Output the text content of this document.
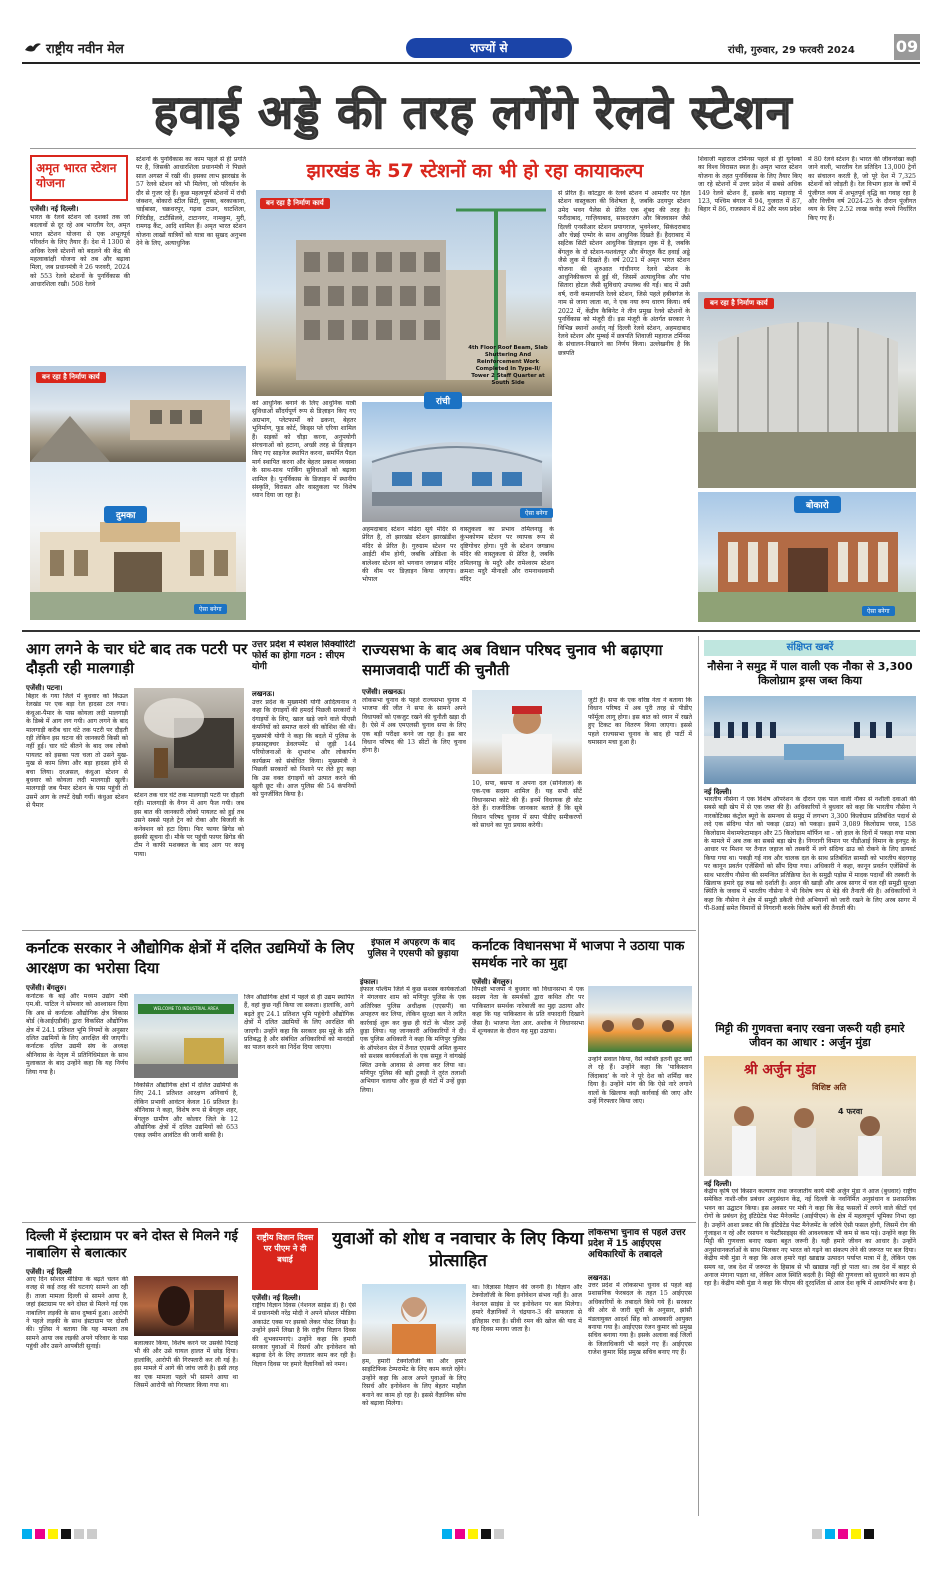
राष्ट्रीय नवीन मेल	राज्यों से	रांची, गुरुवार, 29 फरवरी 2024	09
हवाई अड्डे की तरह लगेंगे रेलवे स्टेशन
अमृत भारत स्टेशन योजना
एजेंसी। नई दिल्ली।
भारत के रेलवे स्टेशन जो दशकों तक जो बदलावों से दूर रहे अब भारतीय रेल, अमृत भारत स्टेशन योजना से एक अभूतपूर्व परिवर्तन के लिए तैयार हैं। देश में 1300 से अधिक रेलवे स्टेशनों को बदलने की केंद्र की महत्वाकांक्षी योजना को तब और बढ़ावा मिला, जब प्रधानमंत्री ने 26 फरवरी, 2024 को 553 रेलवे स्टेशनों के पुनर्विकास की आधारशिला रखी। 508 रेलवे
स्टेशनों के पुनर्विकास का काम पहले से ही प्रगति पर है, जिसकी आधारशिला प्रधानमंत्री ने पिछले साल अगस्त में रखी थी। इसका लाभ झारखंड के 57 रेलवे स्टेशन को भी मिलेगा, जो परिवर्तन के दौर से गुजर रहे हैं। कुछ महत्वपूर्ण स्टेशनों में रांची जंक्शन, बोकारो स्टील सिटी, दुमका, बरकाकाना, चाईबासा, चक्रधरपुर, गढ़वा टाउन, घाटशिला, गिरिडीह, टाटीसिलवे, टाटानगर, नामकुम, मुरी, रामगढ़ कैंट, आदि शामिल हैं। अमृत भारत स्टेशन योजना लाखों यात्रियों को यात्रा का सुखद अनुभव देने के लिए, अत्याधुनिक
झारखंड के 57 स्टेशनों का भी हो रहा कायाकल्प
बन रहा है निर्माण कार्य
4th Floor Roof Beam, Slab Shuttering And Reinforcement Work Completed In Type-II/ Tower 2 Staff Quarter at South Side
बन रहा है निर्माण कार्य
दुमका
ऐसा बनेगा
को आधुनिक बनाने के लिए आधुनिक यात्री सुविधाओं सौंदर्यपूर्ण रूप से डिज़ाइन किए गए अग्रभाग, प्लेटफार्मों को ढकना, बेहतर भूनिर्माण, फूड कोर्ट, किड्स प्ले एरिया शामिल हैं। सड़कों को चौड़ा करना, अनुपयोगी संरचनाओं को हटाना, अच्छी तरह से डिज़ाइन किए गए साइनेज स्थापित करना, समर्पित पैदल मार्ग स्थापित करना और बेहतर प्रकाश व्यवस्था के साथ-साथ पार्किंग सुविधाओं को बढ़ावा शामिल है। पुनर्विकास के डिजाइन में स्थानीय संस्कृति, विरासत और वास्तुकला पर विशेष ध्यान दिया जा रहा है।
रांची
ऐसा बनेगा
अहमदाबाद स्टेशन मोढेरा सूर्य मंदिर से प्रेरित है, तो झारखंड स्टेशन झारखंडीश मंदिर से प्रेरित है। गुरुग्राम स्टेशन पर आईटी थीम होगी, जबकि ओडिशा के बालेश्वर स्टेशन को भगवान जगन्नाथ मंदिर की थीम पर डिज़ाइन किया जाएगा। भोपाल
वास्तुकला का प्रभाव तमिलनाडु के कुंभकोणम स्टेशन पर व्यापक रूप से दृष्टिगोचर होगा। पुरी के स्टेशन जगन्नाथ मंदिर की वास्तुकला से प्रेरित है, जबकि तमिलनाडु के मदुरै और रामेश्वरम स्टेशन क्रमशः मदुरै मीनाक्षी और रामनाथस्वामी मंदिर
से प्रेरित हैं। कोटद्वार के रेलवे स्टेशन में आमतौर पर हिल स्टेशन वास्तुकला की विशेषता है, जबकि उदयपुर स्टेशन उमेद भवन पैलेस से प्रेरित एक शुंबद की तरह है। फरीदाबाद, गाज़ियाबाद, सफ़दरजंग और बिजवासन जैसे दिल्ली एनसीआर स्टेशन प्रयागराज, भुवनेश्वर, सिकंदराबाद और चेन्नई एग्मोर के साथ आधुनिक दिखते हैं। हैदराबाद में सईंटेक सिटी स्टेशन आधुनिक डिज़ाइन लुक में है, जबकि बेंगलुरु के दो स्टेशन-यशवंतपुर और बेंगलुरु कैंट हवाई अड्डे जैसे लुक में दिखते हैं। वर्ष 2021 में अमृत भारत स्टेशन योजना की शुरुआत गांधीनगर रेलवे स्टेशन के आधुनिकीकरण से हुई थी, जिसमें अत्याधुनिक और पांच सितारा होटल जैसी सुविधाएं उपलब्ध की गईं। बाद में उसी वर्ष, रानी कमलापति रेलवे स्टेशन, जिसे पहले हबीबगंज के नाम से जाना जाता था, ने एक नया रूप धारण किया। वर्ष 2022 में, केंद्रीय कैबिनेट ने तीन प्रमुख रेलवे स्टेशनों के पुनर्विकास को मंजूरी दी। इस मंजूरी के अंतर्गत सरकार ने विभिन्न स्थानों अर्थात् नई दिल्ली रेलवे स्टेशन, अहमदाबाद रेलवे स्टेशन और मुम्बई में छत्रपति शिवाजी महाराज टर्मिनस के संचालन-निखारने का निर्णय किया। उल्लेखनीय है कि छत्रपति
शिवाजी महाराज टर्मिनस पहले से ही यूनेस्को का विश्व विरासत स्थल है। अमृत भारत स्टेशन योजना के तहत पुनर्विकास के लिए तैयार किए जा रहे स्टेशनों में उत्तर प्रदेश में सबसे अधिक 149 रेलवे स्टेशन हैं, इसके बाद महाराष्ट्र में 123, पश्चिम बंगाल में 94, गुजरात में 87, बिहार में 86, राजस्थान में 82 और मध्य प्रदेश
में 80 रेलवे स्टेशन हैं। भारत की जीवनरेखा कही जाने वाली, भारतीय रेल प्रतिदिन 13,000 ट्रेनों का संचालन करती है, जो पूरे देश में 7,325 स्टेशनों को जोड़ती है। रेल विभाग हाल के वर्षों में पूंजीगत व्यय में अभूतपूर्व वृद्धि का गवाह रहा है और वित्तीय वर्ष 2024-25 के दौरान पूंजीगत व्यय के लिए 2.52 लाख करोड़ रुपये निर्धारित किए गए हैं।
बन रहा है निर्माण कार्य
बोकारो
ऐसा बनेगा
आग लगने के चार घंटे बाद तक पटरी पर दौड़ती रही मालगाड़ी
एजेंसी। पटना।
बिहार के गया जिले में बुधवार को किऊल रेलखंड पर एक बड़ा रेल हादसा टल गया। कंधुआ-पैमार के पास कोयला लदी मालगाड़ी के डिब्बे में आग लग गयी। आग लगने के बाद मालगाड़ी करीब चार घंटे तक पटरी पर दौड़ती रही लेकिन इस घटना की जानकारी किसी को नहीं हुई। चार घंटे बीतने के बाद जब लोको पायलट को इसका पता चला तो उसने मुख-मुख से काम लिया और बड़ा हादसा होने से बचा लिया। दरअसल, कंधुआ स्टेशन से बुधवार को कोयला लदी मालगाड़ी खुली। मालगाड़ी जब पैमार स्टेशन के पास पहुंची तो उसमें आग के लपटें देखी गयीं। कंधुआ स्टेशन से पैमार
स्टेशन तक चार घंटे तक मालगाड़ी पटरी पर दौड़ती रही। मालगाड़ी के वैगन में आग फैल गयी। जब इस बात की जानकारी लोको पायलट को हुई तब उसने सबसे पहले ट्रेन को रोका और बिजली के कनेक्शन को हटा दिया। फिर फायर ब्रिगेड को इसकी सूचना दी। मौके पर पहुंची फायर ब्रिगेड की टीम ने काफी मशक्कत के बाद आग पर काबू पाया।
उत्तर प्रदेश में स्पेशल सिक्योरिटी फोर्स का होगा गठन : सीएम योगी
लखनऊ।
उत्तर प्रदेश के मुख्यमंत्री योगी आदित्यनाथ ने कहा कि दंगाइयों की हमदर्द पिछली सरकारों ने दंगाइयों के लिए, खाल खड़े जाने वाले पीएसी कंपनियों को समाप्त करने की कोशिश की थी। मुख्यमंत्री योगी ने कहा कि बदले में पुलिस के इन्फ्रास्ट्रक्चर डेवलपमेंट से जुड़ी 144 परियोजनाओं के शुभारंभ और लोकार्पण कार्यक्रम को संबोधित किया। मुख्यमंत्री ने पिछली सरकारों को निशाने पर लेते हुए कहा कि उस वक्त दंगाइयों को उत्पात करने की खुली छूट थी। आज पुलिस की 54 कंपनियों को पुनर्जीवित किया है।
राज्यसभा के बाद अब विधान परिषद चुनाव भी बढ़ाएगा समाजवादी पार्टी की चुनौती
एजेंसी। लखनऊ।
लोकसभा चुनाव के पहले राज्यसभा चुनाव में भाजपा की जीत ने सपा के सामने अपने विधायकों को एकजुट रखने की चुनौती खड़ा दी है। ऐसे में अब एमएलसी चुनाव सपा के लिए एक बड़ी परीक्षा बनने जा रहा है। इस बार विधान परिषद की 13 सीटों के लिए चुनाव होना है।
10, सपा, बसपा व अपना दल (सोनेलाल) के एक-एक सदस्य शामिल हैं। यह सभी सीटें विधानसभा कोटे की हैं। इनमें विधायक ही वोट देते हैं। राजनीतिक जानकार बताते हैं कि सूबे विधान परिषद चुनाव में सपा पीडीए समीकरणों को साधने का पूरा प्रयास करेगी।
जुटी है। सपा के एक वरिष्ठ नेता ने बताया कि विधान परिषद में अब पूरी तरह से पीडीए फॉर्मूला लागू होगा। इस बात को ध्यान में रखते हुए टिकट का वितरण किया जाएगा। इससे पहले राज्यसभा चुनाव के बाद ही पार्टी में घमासान मचा हुआ है।
संक्षिप्त खबरें
नौसेना ने समुद्र में पाल वाली एक नौका से 3,300 किलोग्राम ड्रग्स जब्त किया
नई दिल्ली।
भारतीय नौसेना ने एक विशेष ऑपरेशन के दौरान एक पाल वाली नौका से नशीली दवाओं की सबसे बड़ी खेप में से एक जब्त की है। अधिकारियों ने बुधवार को कहा कि भारतीय नौसेना ने नारकोटिक्स कंट्रोल ब्यूरो के समन्वय से समुद्र में लगभग 3,300 किलोग्राम प्रतिबंधित पदार्थ से लदे एक संदिग्ध पोत को पकड़ा (ढाउ) को पकड़ा। इसमें 3,089 किलोग्राम चरस, 158 किलोग्राम मेथामफेटामाइन और 25 किलोग्राम मॉर्फिन था - जो हाल के दिनों में पकड़ा गया मात्रा के मामले में अब तक का सबसे बड़ा खेप है। निगरानी विमान पर पीडीआई विमान के इनपुट के आधार पर मिशन पर तैनात जहाज को तस्करी में लगे संदिग्ध ढाउ को रोकने के लिए डायवर्ट किया गया था। पकड़ी गई नाव और चालक दल के साथ प्रतिबंधित सामग्री को भारतीय बंदरगाह पर कानून प्रवर्तन एजेंसियों को सौंप दिया गया। अधिकारी ने कहा, कानून प्रवर्तन एजेंसियों के साथ भारतीय नौसेना की समन्वित प्रतिक्रिया देश के समुद्री पड़ोस में मादक पदार्थों की तस्करी के खिलाफ हमारे दृढ़ रुख को दर्शाती है। अदन की खाड़ी और अरब सागर में चल रही समुद्री सुरक्षा स्थिति के जवाब में भारतीय नौसेना ने भी विशेष रूप से बेड़े की तैनाती की है। अधिकारियों ने कहा कि नौसेना ने क्षेत्र में समुद्री डकैती रोधी अभियानों को जारी रखने के लिए अरब सागर में पी-8आई समेत विमानों से निगरानी करके विशेष बलों की तैनाती की।
मिट्टी की गुणवत्ता बनाए रखना जरूरी यही हमारे जीवन का आधार : अर्जुन मुंडा
श्री अर्जुन मुंडा
विशिष्ट अति
4 फरवा
नई दिल्ली।
केंद्रीय कृषि एवं किसान कल्याण तथा जनजातीय कार्य मंत्री अर्जुन मुंडा ने आज (बुधवार) राष्ट्रीय समेकित नाशी-जीव प्रबंधन अनुसंधान केंद्र, नई दिल्ली के नवनिर्मित अनुसंधान व प्रशासनिक भवन का उद्घाटन किया। इस अवसर पर मंत्री ने कहा कि केंद्र फसलों में लगने वाले कीटों एवं रोगों के प्रबंधन हेतु इंटिग्रेटेड पेस्ट मैनेजमेंट (आईपीएम) के क्षेत्र में महत्वपूर्ण भूमिका निभा रहा है। उन्होंने आशा प्रकट की कि इंटिग्रेटेड पेस्ट मैनेजमेंट के जरिये ऐसी फसल होगी, जिसमें रोग की गुंजाइश न रहे और रसायन व पेस्टीसाइड्स की आवश्यकता भी कम से कम पड़े। उन्होंने कहा कि मिट्टी की गुणवत्ता बनाए रखना बहुत जरूरी है। यही हमारे जीवन का आधार है। उन्होंने अनुसंधानकर्ताओं के साथ मिलकर नए भारत को गढ़ने का संकल्प लेने की जरूरत पर बल दिया। केंद्रीय मंत्री मुंडा ने कहा कि आज हमारे यहां खाद्यान्न उत्पादन पर्याप्त मात्रा में है, लेकिन एक समय था, जब देश में जरूरत के हिसाब से भी खाद्यान्न नहीं हो पाता था। तब देश में बाहर से अनाज मंगाना पड़ता था, लेकिन आज स्थिति बदली है। मिट्टी की गुणवत्ता को सुधारने का काम हो रहा है। केंद्रीय मंत्री मुंडा ने कहा कि पीएम की दूरदर्शिता से आज देश कृषि में आत्मनिर्भर बना है।
कर्नाटक सरकार ने औद्योगिक क्षेत्रों में दलित उद्यमियों के लिए आरक्षण का भरोसा दिया
एजेंसी। बेंगलुरु।
कर्नाटक के बड़े और मध्यम उद्योग मंत्री एम.बी. पाटिल ने सोमवार को आश्वासन दिया कि अब से कर्नाटक औद्योगिक क्षेत्र विकास बोर्ड (केआईएडीबी) द्वारा विकसित औद्योगिक क्षेत्र में 24.1 प्रतिशत भूमि नियमों के अनुसार दलित उद्यमियों के लिए आरक्षित की जाएगी। कर्नाटक दलित उद्यमी संघ के अध्यक्ष श्रीनिवास के नेतृत्व में प्रतिनिधिमंडल के साथ मुलाकात के बाद उन्होंने कहा कि यह निर्णय लिया गया है।
WELCOME TO INDUSTRIAL AREA
विकसित औद्योगिक क्षेत्रों में दलित उद्यमियों के लिए 24.1 प्रतिशत आरक्षण अनिवार्य है, लेकिन प्रभावी आवंटन केवल 16 प्रतिशत है। श्रीनिवास ने कहा, विशेष रूप से बेंगलुरु शहर, बेंगलुरु ग्रामीण और कोलार जिले के 12 औद्योगिक क्षेत्रों में दलित उद्यमियों को 653 एकड़ जमीन आवंटित की जानी बाकी है।
जिन औद्योगिक क्षेत्रों में पहले से ही उद्यम स्थापित हैं, वहां कुछ नहीं किया जा सकता। हालांकि, आगे बढ़ते हुए 24.1 प्रतिशत भूमि पहुंचेगी औद्योगिक क्षेत्रों में दलित उद्यमियों के लिए आरक्षित की जाएगी। उन्होंने कहा कि सरकार इस मुद्दे के प्रति प्रतिबद्ध है और संबंधित अधिकारियों को मानदंडों का पालन करने का निर्देश दिया जाएगा।
इंफाल में अपहरण के बाद पुलिस ने एएसपी को छुड़ाया
इंफाल।
इंफाल पश्चिम जिले में कुछ सशस्त्र कार्यकर्ताओं ने मंगलवार शाम को मणिपुर पुलिस के एक अतिरिक्त पुलिस अधीक्षक (एएसपी) का अपहरण कर लिया, लेकिन सुरक्षा बल ने त्वरित कार्रवाई शुरू कर कुछ ही घंटों के भीतर उन्हें छुड़ा लिया। यह जानकारी अधिकारियों ने दी। एक पुलिस अधिकारी ने कहा कि मणिपुर पुलिस के ऑपरेशन सेल में तैनात एएसपी अमित कुमार को सशस्त्र कार्यकर्ताओं के एक समूह ने वांगखेई स्थित उनके आवास से अगवा कर लिया था। मणिपुर पुलिस की बड़ी टुकड़ी ने तुरंत तलाशी अभियान चलाया और कुछ ही घंटों में उन्हें छुड़ा लिया।
कर्नाटक विधानसभा में भाजपा ने उठाया पाक समर्थक नारे का मुद्दा
एजेंसी। बेंगलुरु।
विपक्षी भाजपा ने बुधवार को विधानसभा में एक सदस्य नेता के समर्थकों द्वारा कथित तौर पर पाकिस्तान समर्थक नारेबाजी का मुद्दा उठाया और कहा कि यह पाकिस्तान के प्रति वफादारी दिखाने जैसा है। भाजपा नेता आर. अशोक ने विधानसभा में शून्यकाल के दौरान यह मुद्दा उठाया।
उन्होंने सवाल किया, वैसे व्यक्ति इतनी छूट क्यों ले रहे हैं। उन्होंने कहा कि 'पाकिस्तान जिंदाबाद' के नारे ने पूरे देश को शर्मिंदा कर दिया है। उन्होंने मांग की कि ऐसे नारे लगाने वालों के खिलाफ कड़ी कार्रवाई की जाए और उन्हें गिरफ्तार किया जाए।
दिल्ली में इंस्टाग्राम पर बने दोस्त से मिलने गई नाबालिग से बलात्कार
एजेंसी। नई दिल्ली
आए दिन सोशल मीडिया के बढ़ते चलन की वजह से कई तरह की घटनाएं सामने आ रही हैं। ताजा मामला दिल्ली से सामने आया है, जहां इंस्टाग्राम पर बने दोस्त से मिलने गई एक नाबालिग लड़की के साथ दुष्कर्म हुआ। आरोपी ने पहले लड़की के साथ इंस्टाग्राम पर दोस्ती की। पुलिस ने बताया कि यह मामला तब सामने आया जब लड़की अपने परिवार के पास पहुंची और उसने आपबीती सुनाई।	बलात्कार किया, विशेष करने पर उसकी पिटाई भी की और उसे घायल हालत में छोड़ दिया। हालांकि, आरोपी की गिरफ्तारी कर ली गई है। इस मामले में आगे की जांच जारी है। इसी तरह का एक मामला पहले भी सामने आया था जिसमें आरोपी को गिरफ्तार किया गया था।
राष्ट्रीय विज्ञान दिवस पर पीएम ने दी बधाई
एजेंसी। नई दिल्ली।
राष्ट्रीय विज्ञान दिवस (नेशनल साइंस डे) है। ऐसे में प्रधानमंत्री नरेंद्र मोदी ने अपने सोशल मीडिया अकाउंट एक्स पर इसको लेकर पोस्ट लिखा है। उन्होंने इसमें लिखा है कि राष्ट्रीय विज्ञान दिवस की शुभकामनाएं। उन्होंने कहा कि हमारी सरकार युवाओं में रिसर्च और इनोवेशन को बढ़ावा देने के लिए लगातार काम कर रही है। विज्ञान दिवस पर हमारे वैज्ञानिकों को नमन।
युवाओं को शोध व नवाचार के लिए किया प्रोत्साहित
हम, हमारी टेक्नोलॉजी का और हमारे साइंटिफिक टेम्परामेंट के लिए काम करते रहेंगे। उन्होंने कहा कि आज अपने युवाओं के लिए रिसर्च और इनोवेशन के लिए बेहतर माहौल बनाने का काम हो रहा है। इससे वैज्ञानिक सोच को बढ़ावा मिलेगा।
था। जिज्ञासा विज्ञान की जननी है। विज्ञान और टेक्नोलॉजी के बिना इनोवेशन संभव नहीं है। आज नेशनल साइंस डे पर इनोवेशन पर बल मिलेगा। हमारे वैज्ञानिकों ने चंद्रयान-3 की सफलता से इतिहास रचा है। सीवी रमन की खोज की याद में यह दिवस मनाया जाता है।
लोकसभा चुनाव से पहले उत्तर प्रदेश में 15 आईएएस अधिकारियों के तबादले
लखनऊ।
उत्तर प्रदेश में लोकसभा चुनाव से पहले बड़े प्रशासनिक फेरबदल के तहत 15 आईएएस अधिकारियों के तबादले किये गये हैं। सरकार की ओर से जारी सूची के अनुसार, झांसी मंडलायुक्त आदर्श सिंह को आबकारी आयुक्त बनाया गया है। आईएएस रंजन कुमार को प्रमुख सचिव बनाया गया है। इसके अलावा कई जिलों के जिलाधिकारी भी बदले गए हैं। आईएएस राजेश कुमार सिंह प्रमुख सचिव बनाए गए हैं।
